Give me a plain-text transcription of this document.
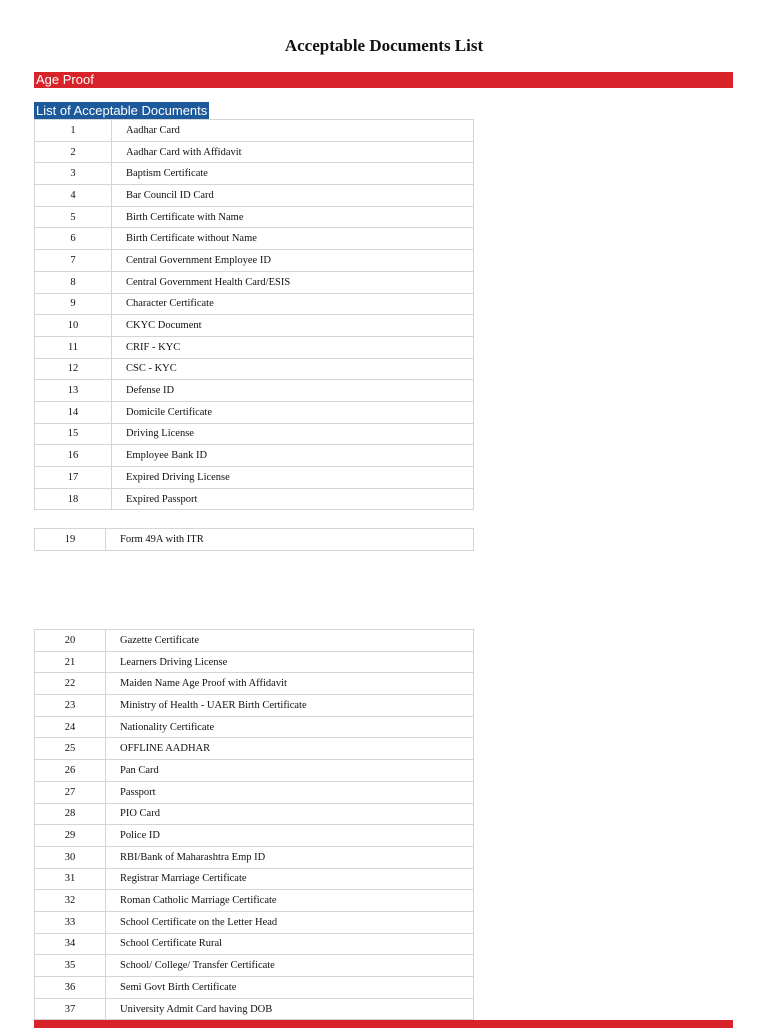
Acceptable Documents List
Age Proof
List of Acceptable Documents
1	Aadhar Card
2	Aadhar Card with Affidavit
3	Baptism Certificate
4	Bar Council ID Card
5	Birth Certificate with Name
6	Birth Certificate without Name
7	Central Government Employee ID
8	Central Government Health Card/ESIS
9	Character Certificate
10	CKYC Document
11	CRIF - KYC
12	CSC - KYC
13	Defense ID
14	Domicile Certificate
15	Driving License
16	Employee Bank ID
17	Expired Driving License
18	Expired Passport
19	Form 49A with ITR
20	Gazette Certificate
21	Learners Driving License
22	Maiden Name Age Proof with Affidavit
23	Ministry of Health - UAER Birth Certificate
24	Nationality Certificate
25	OFFLINE AADHAR
26	Pan Card
27	Passport
28	PIO Card
29	Police ID
30	RBI/Bank of Maharashtra Emp ID
31	Registrar Marriage Certificate
32	Roman Catholic Marriage Certificate
33	School Certificate on the Letter Head
34	School Certificate Rural
35	School/ College/ Transfer Certificate
36	Semi Govt Birth Certificate
37	University Admit Card having DOB
